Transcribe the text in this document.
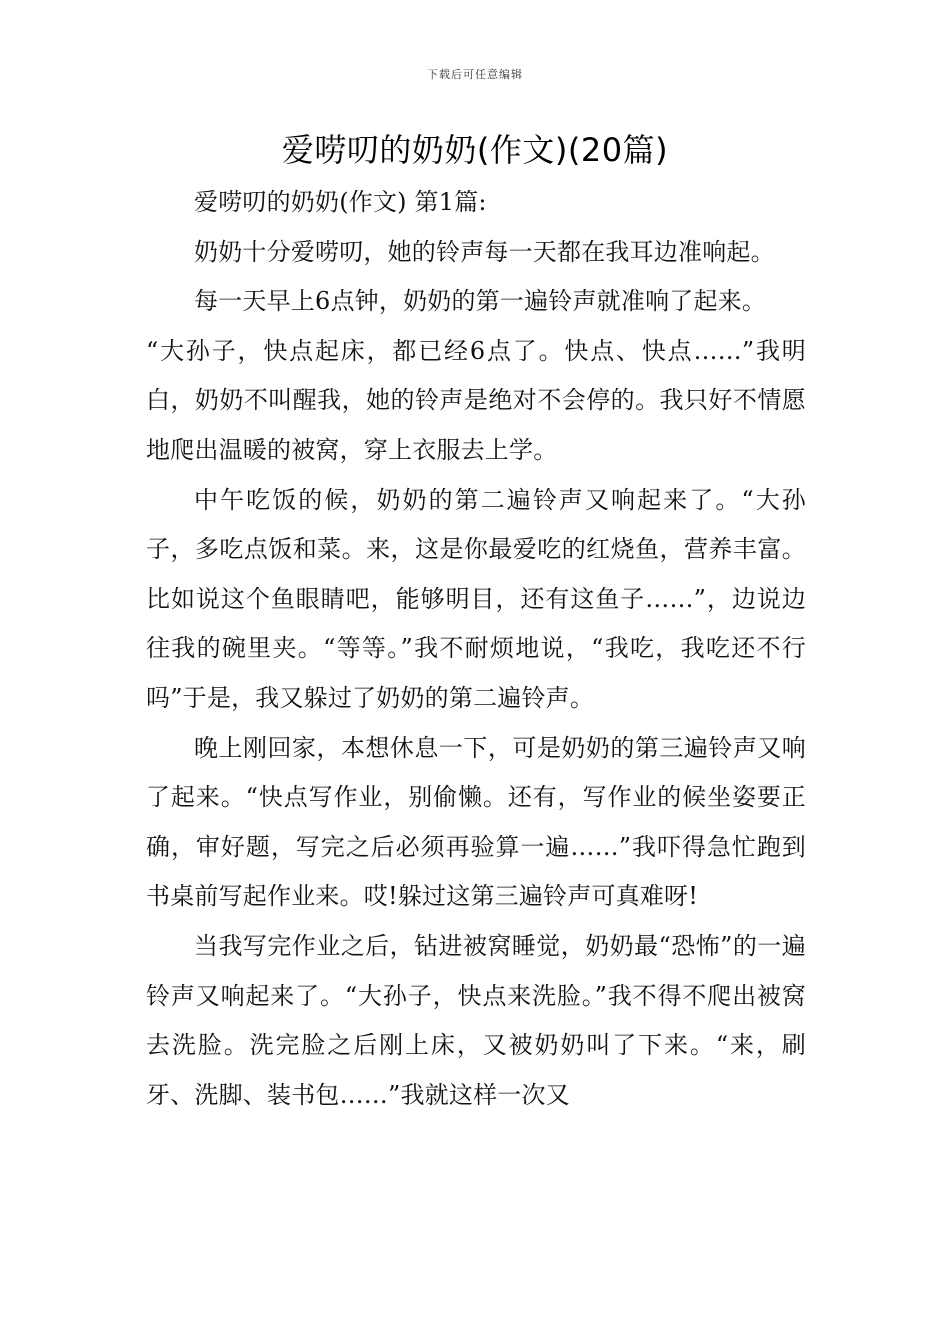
下载后可任意编辑
爱唠叨的奶奶(作文)(20篇)

爱唠叨的奶奶(作文) 第1篇:

奶奶十分爱唠叨，她的铃声每一天都在我耳边准响起。

每一天早上6点钟，奶奶的第一遍铃声就准响了起来。

“大孙子，快点起床，都已经6点了。快点、快点……”我明白，奶奶不叫醒我，她的铃声是绝对不会停的。我只好不情愿地爬出温暖的被窝，穿上衣服去上学。

中午吃饭的候，奶奶的第二遍铃声又响起来了。“大孙子，多吃点饭和菜。来，这是你最爱吃的红烧鱼，营养丰富。比如说这个鱼眼睛吧，能够明目，还有这鱼子……”，边说边往我的碗里夹。“等等。”我不耐烦地说，“我吃，我吃还不行吗”于是，我又躲过了奶奶的第二遍铃声。

晚上刚回家，本想休息一下，可是奶奶的第三遍铃声又响了起来。“快点写作业，别偷懒。还有，写作业的候坐姿要正确，审好题，写完之后必须再验算一遍……”我吓得急忙跑到书桌前写起作业来。哎!躲过这第三遍铃声可真难呀!

当我写完作业之后，钻进被窝睡觉，奶奶最“恐怖”的一遍铃声又响起来了。“大孙子，快点来洗脸。”我不得不爬出被窝去洗脸。洗完脸之后刚上床，又被奶奶叫了下来。“来，刷牙、洗脚、装书包……”我就这样一次又
